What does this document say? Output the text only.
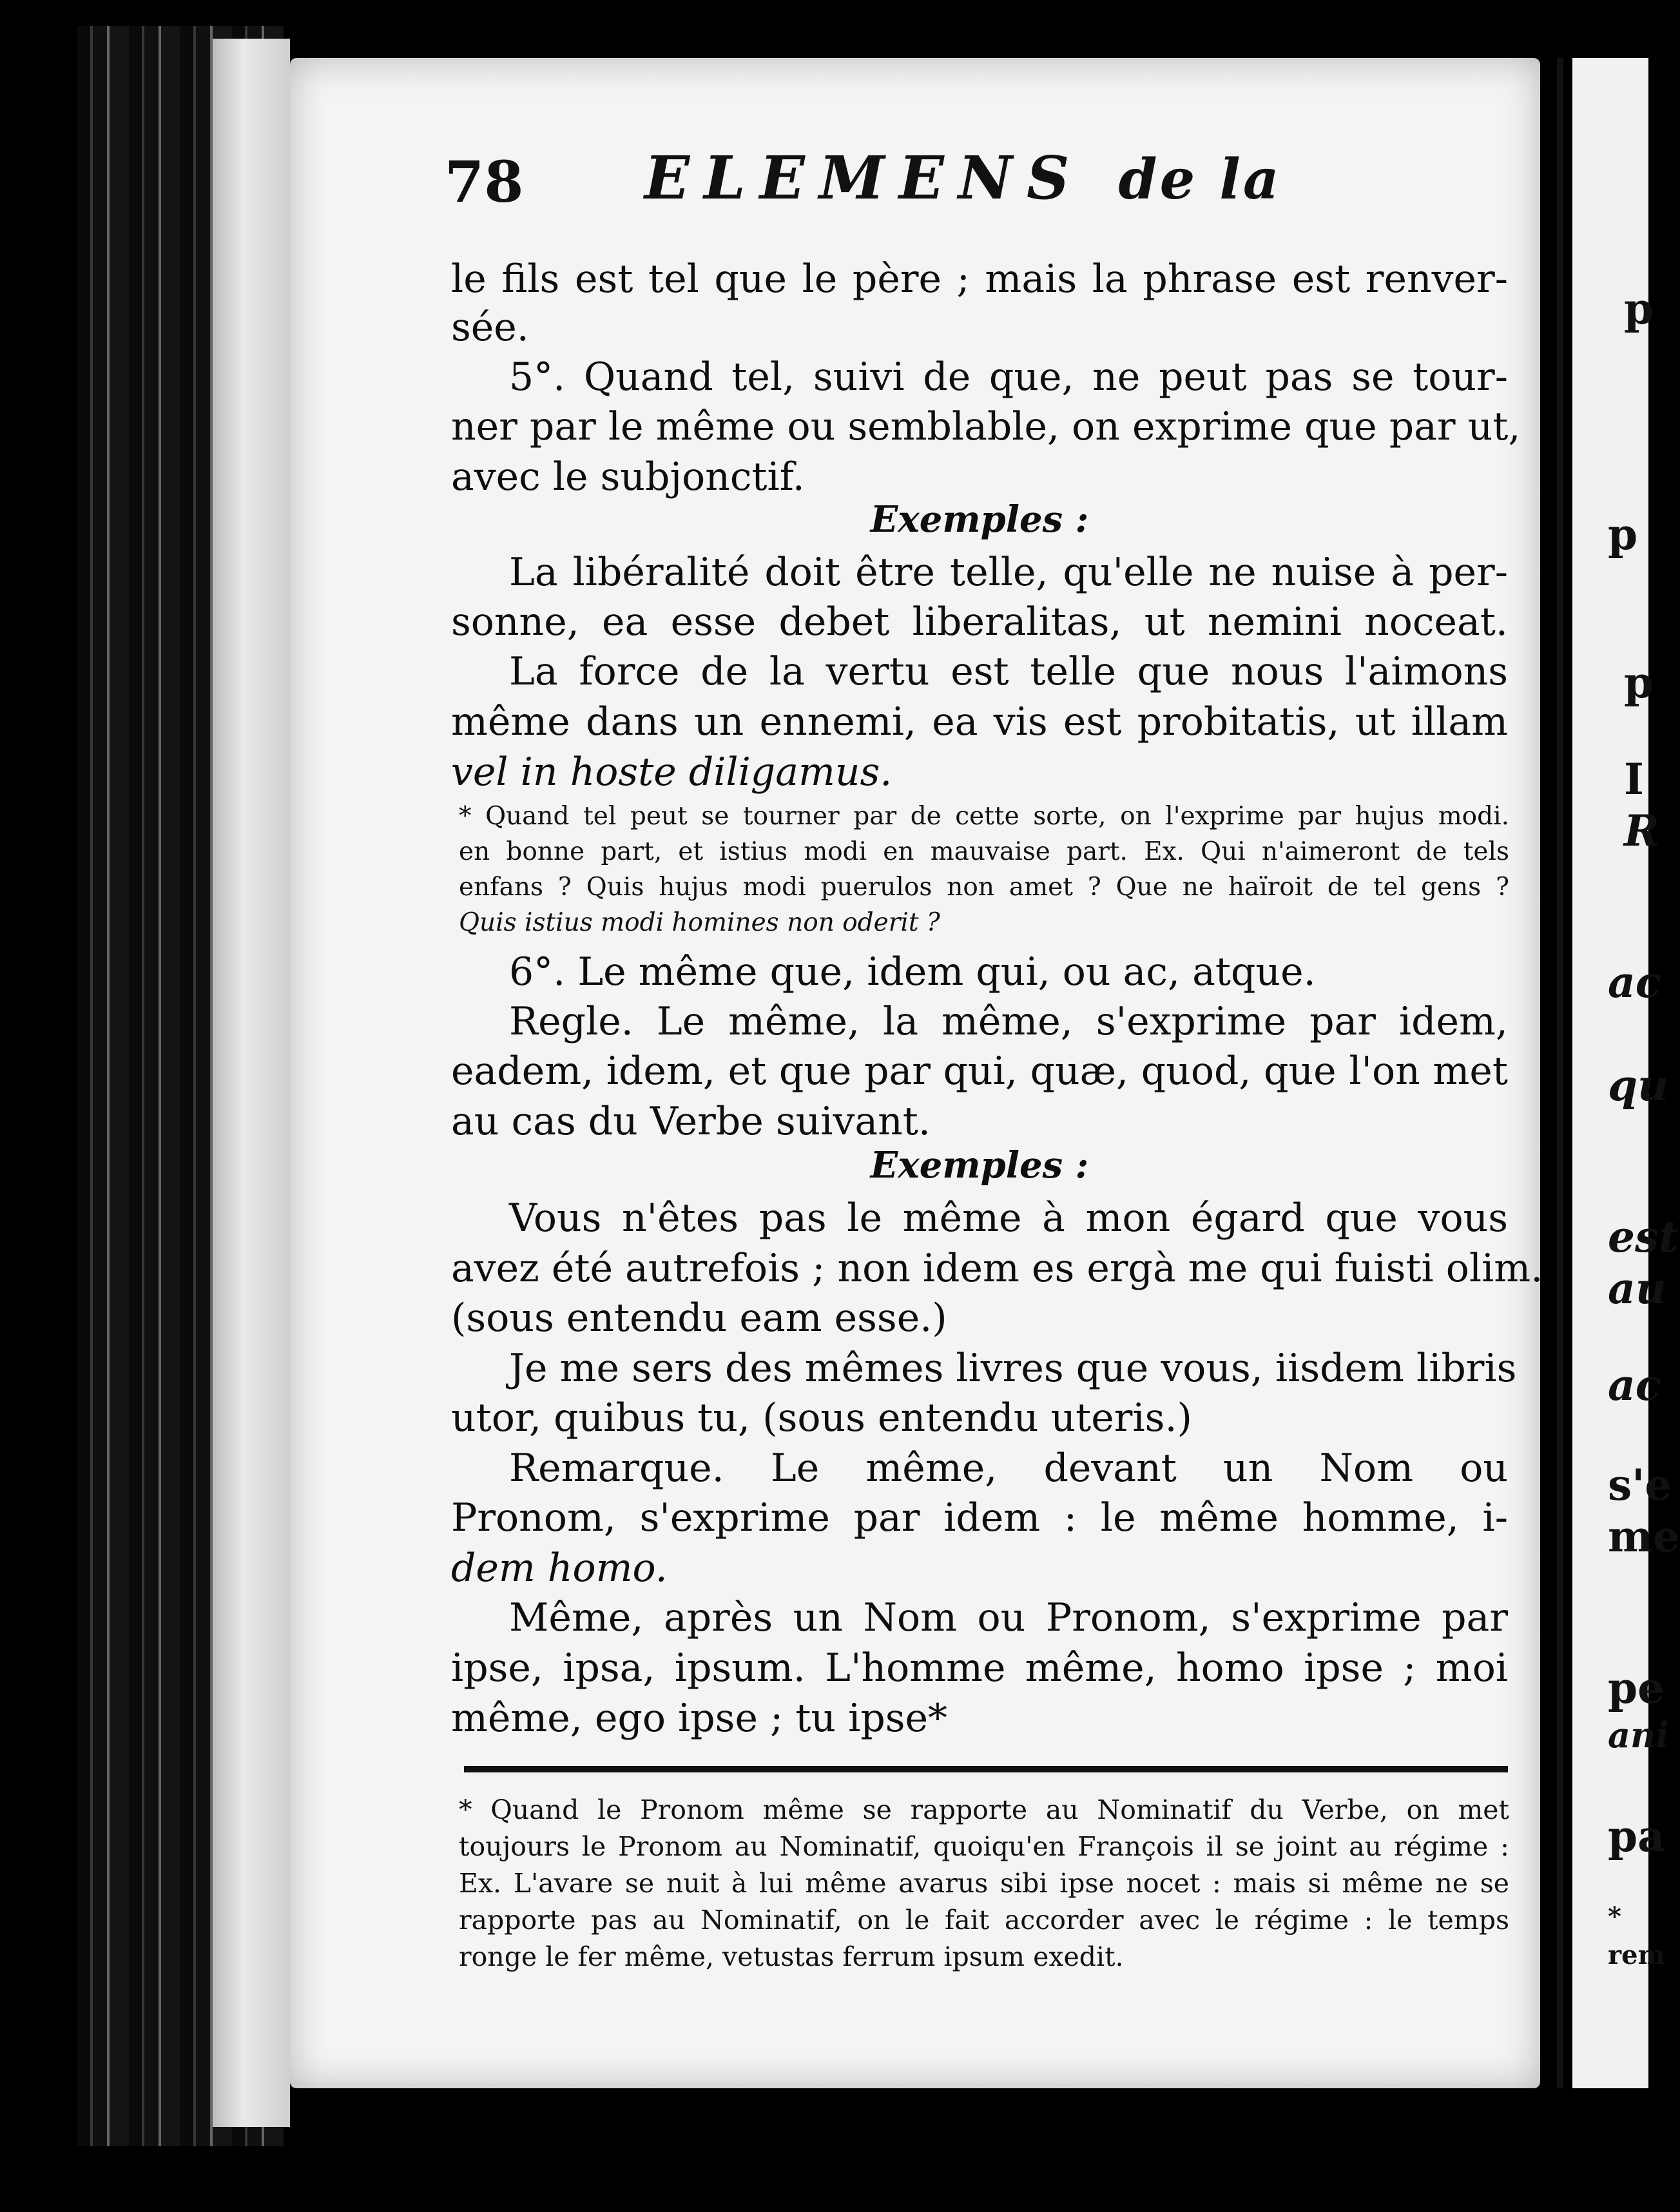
p
p
p
I
R
ac
qu
est
au
ac
s'e
me
pe
ani
pa
*
rem
78 ELEMENS de la
le fils est tel que le père ; mais la phrase est renver-
sée.
5°. Quand tel, suivi de que, ne peut pas se tour-
ner par le même ou semblable, on exprime que par ut,
avec le subjonctif.
Exemples :
La libéralité doit être telle, qu'elle ne nuise à per-
sonne, ea esse debet liberalitas, ut nemini noceat.
La force de la vertu est telle que nous l'aimons
même dans un ennemi, ea vis est probitatis, ut illam
vel in hoste diligamus.
* Quand tel peut se tourner par de cette sorte, on l'exprime par hujus modi.
en bonne part, et istius modi en mauvaise part. Ex. Qui n'aimeront de tels
enfans ? Quis hujus modi puerulos non amet ? Que ne haïroit de tel gens ?
Quis istius modi homines non oderit ?
6°. Le même que, idem qui, ou ac, atque.
Regle. Le même, la même, s'exprime par idem,
eadem, idem, et que par qui, quæ, quod, que l'on met
au cas du Verbe suivant.
Exemples :
Vous n'êtes pas le même à mon égard que vous
avez été autrefois ; non idem es ergà me qui fuisti olim.
(sous entendu eam esse.)
Je me sers des mêmes livres que vous, iisdem libris
utor, quibus tu, (sous entendu uteris.)
Remarque. Le même, devant un Nom ou
Pronom, s'exprime par idem : le même homme, i-
dem homo.
Même, après un Nom ou Pronom, s'exprime par
ipse, ipsa, ipsum. L'homme même, homo ipse ; moi
même, ego ipse ; tu ipse*
* Quand le Pronom même se rapporte au Nominatif du Verbe, on met
toujours le Pronom au Nominatif, quoiqu'en François il se joint au régime :
Ex. L'avare se nuit à lui même avarus sibi ipse nocet : mais si même ne se
rapporte pas au Nominatif, on le fait accorder avec le régime : le temps
ronge le fer même, vetustas ferrum ipsum exedit.
